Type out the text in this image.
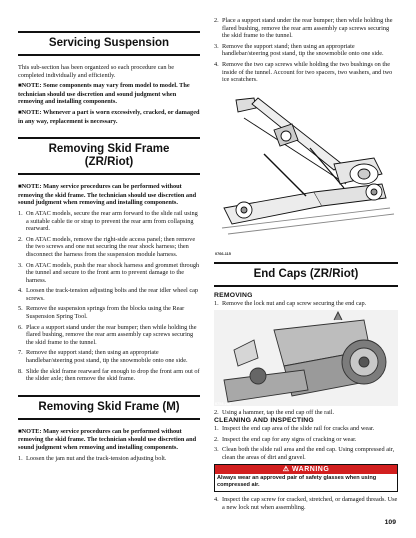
Servicing Suspension

This sub-section has been organized so each procedure can be completed individually and efficiently.

■NOTE: Some components may vary from model to model. The technician should use discretion and sound judgment when removing and installing components.

■NOTE: Whenever a part is worn excessively, cracked, or damaged in any way, replacement is necessary.

Removing Skid Frame
(ZR/Riot)

■NOTE: Many service procedures can be performed without removing the skid frame. The technician should use discretion and sound judgment when removing and installing components.

1. On ATAC models, secure the rear arm forward to the slide rail using a suitable cable tie or strap to prevent the rear arm from collapsing rearward.
2. On ATAC models, remove the right-side access panel; then remove the two screws and one nut securing the rear shock harness; then disconnect the harness from the suspension module harness.
3. On ATAC models, push the rear shock harness and grommet through the tunnel and secure to the front arm to prevent damage to the harness.
4. Loosen the track-tension adjusting bolts and the rear idler wheel cap screws.
5. Remove the suspension springs from the blocks using the Rear Suspension Spring Tool.
6. Place a support stand under the rear bumper; then while holding the flared bushing, remove the rear arm assembly cap screws securing the skid frame to the tunnel.
7. Remove the support stand; then using an appropriate handlebar/steering post stand, tip the snowmobile onto one side.
8. Slide the skid frame rearward far enough to drop the front arm out of the slider axle; then remove the skid frame.
Removing Skid Frame (M)

■NOTE: Many service procedures can be performed without removing the skid frame. The technician should use discretion and sound judgment when removing and installing components.

1. Loosen the jam nut and the track-tension adjusting bolt.
2. Place a support stand under the rear bumper; then while holding the flared bushing, remove the rear arm assembly cap screws securing the skid frame to the tunnel.
3. Remove the support stand; then using an appropriate handlebar/steering post stand, tip the snowmobile onto one side.
4. Remove the two cap screws while holding the two bushings on the inside of the tunnel. Account for two spacers, two washers, and two ice scratchers.
0766-115
End Caps (ZR/Riot)
REMOVING
1. Remove the lock nut and cap screw securing the end cap.
0758-283
2. Using a hammer, tap the end cap off the rail.
CLEANING AND INSPECTING
1. Inspect the end cap area of the slide rail for cracks and wear.
2. Inspect the end cap for any signs of cracking or wear.
3. Clean both the slide rail area and the end cap. Using compressed air, clean the areas of dirt and gravel.
⚠ WARNING
Always wear an approved pair of safety glasses when using compressed air.
4. Inspect the cap screw for cracked, stretched, or damaged threads. Use a new lock nut when assembling.
109
